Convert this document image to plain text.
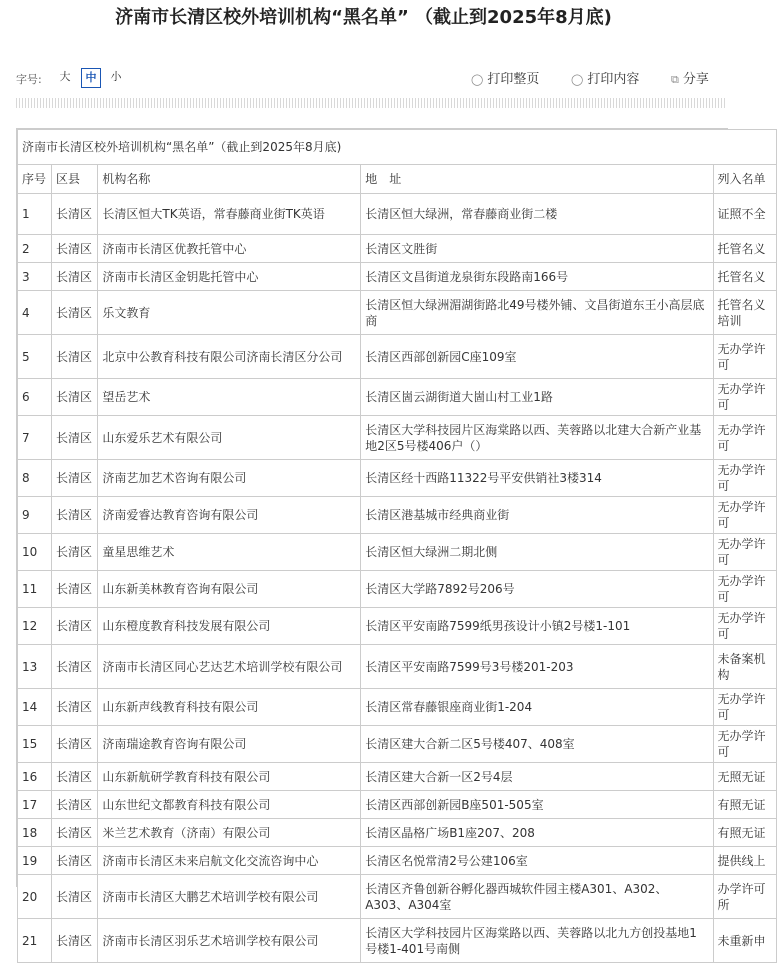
济南市长清区校外培训机构“黑名单” （截止到2025年8月底)
字号:	大	中	小	◯ 打印整页	◯ 打印内容	⧉ 分享
济南市长清区校外培训机构“黑名单”（截止到2025年8月底)				
序号	区县	机构名称	地　址	列入名单
1	长清区	长清区恒大TK英语，常春藤商业街TK英语	长清区恒大绿洲，常春藤商业街二楼	证照不全
2	长清区	济南市长清区优教托管中心	长清区文胜街	托管名义
3	长清区	济南市长清区金钥匙托管中心	长清区文昌街道龙泉街东段路南166号	托管名义
4	长清区	乐文教育	长清区恒大绿洲湄湖街路北49号楼外铺、文昌街道东王小高层底商	托管名义培训
5	长清区	北京中公教育科技有限公司济南长清区分公司	长清区西部创新园C座109室	无办学许可
6	长清区	望岳艺术	长清区崮云湖街道大崮山村工业1路	无办学许可
7	长清区	山东爱乐艺术有限公司	长清区大学科技园片区海棠路以西、芙蓉路以北建大合新产业基地2区5号楼406户（）	无办学许可
8	长清区	济南艺加艺术咨询有限公司	长清区经十西路11322号平安供销社3楼314	无办学许可
9	长清区	济南爱睿达教育咨询有限公司	长清区港基城市经典商业街	无办学许可
10	长清区	童星思维艺术	长清区恒大绿洲二期北侧	无办学许可
11	长清区	山东新美林教育咨询有限公司	长清区大学路7892号206号	无办学许可
12	长清区	山东橙度教育科技发展有限公司	长清区平安南路7599纸男孩设计小镇2号楼1-101	无办学许可
13	长清区	济南市长清区同心艺达艺术培训学校有限公司	长清区平安南路7599号3号楼201-203	未备案机构
14	长清区	山东新声线教育科技有限公司	长清区常春藤银座商业街1-204	无办学许可
15	长清区	济南瑞途教育咨询有限公司	长清区建大合新二区5号楼407、408室	无办学许可
16	长清区	山东新航研学教育科技有限公司	长清区建大合新一区2号4层	无照无证
17	长清区	山东世纪文都教育科技有限公司	长清区西部创新园B座501-505室	有照无证
18	长清区	米兰艺术教育（济南）有限公司	长清区晶格广场B1座207、208	有照无证
19	长清区	济南市长清区未来启航文化交流咨询中心	长清区名悦常清2号公建106室	提供线上
20	长清区	济南市长清区大鹏艺术培训学校有限公司	长清区齐鲁创新谷孵化器西城软件园主楼A301、A302、A303、A304室	办学许可所
21	长清区	济南市长清区羽乐艺术培训学校有限公司	长清区大学科技园片区海棠路以西、芙蓉路以北九方创投基地1号楼1-401号南侧	未重新申
